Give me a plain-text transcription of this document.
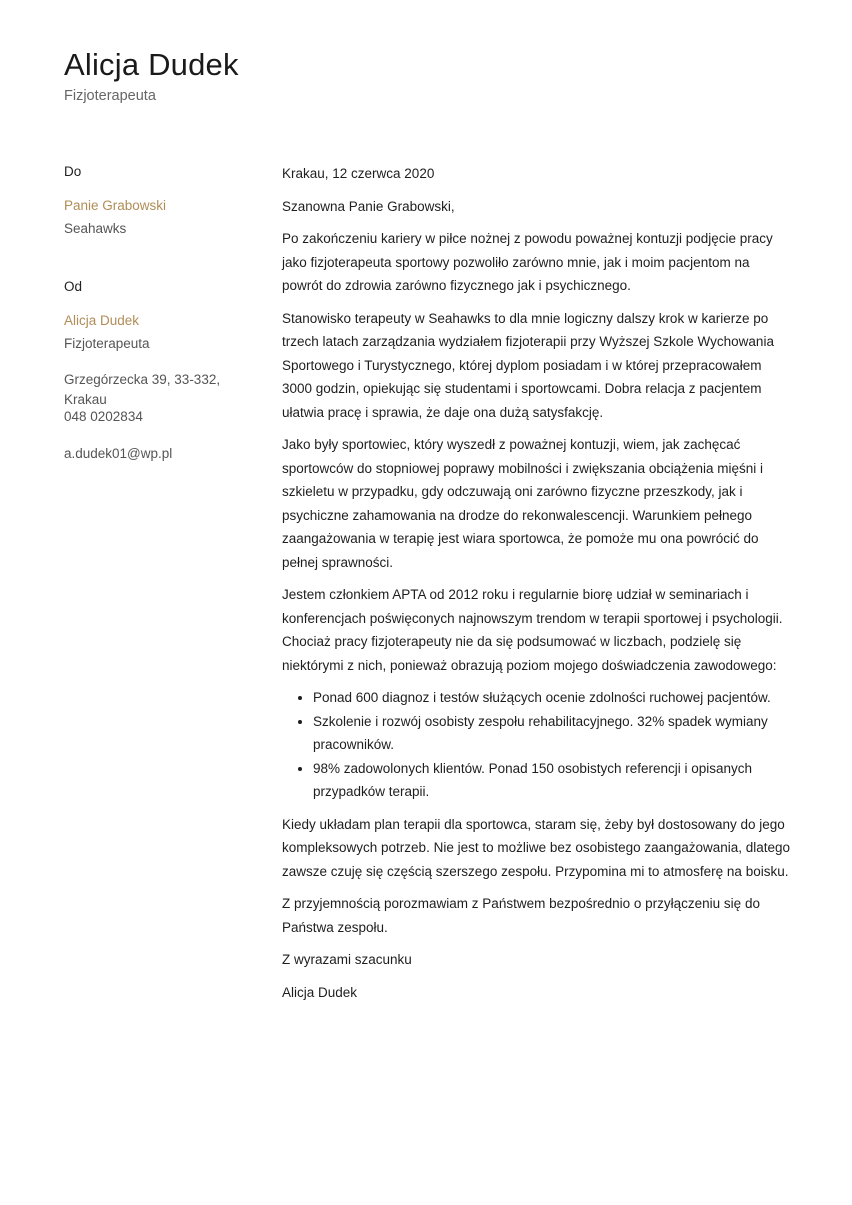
Alicja Dudek
Fizjoterapeuta
Do
Panie Grabowski
Seahawks
Od
Alicja Dudek
Fizjoterapeuta
Grzegórzecka 39, 33-332, Krakau
048 0202834
a.dudek01@wp.pl

Krakau, 12 czerwca 2020

Szanowna Panie Grabowski,

Po zakończeniu kariery w piłce nożnej z powodu poważnej kontuzji podjęcie pracy jako fizjoterapeuta sportowy pozwoliło zarówno mnie, jak i moim pacjentom na powrót do zdrowia zarówno fizycznego jak i psychicznego.

Stanowisko terapeuty w Seahawks to dla mnie logiczny dalszy krok w karierze po trzech latach zarządzania wydziałem fizjoterapii przy Wyższej Szkole Wychowania Sportowego i Turystycznego, której dyplom posiadam i w której przepracowałem 3000 godzin, opiekując się studentami i sportowcami. Dobra relacja z pacjentem ułatwia pracę i sprawia, że daje ona dużą satysfakcję.

Jako były sportowiec, który wyszedł z poważnej kontuzji, wiem, jak zachęcać sportowców do stopniowej poprawy mobilności i zwiększania obciążenia mięśni i szkieletu w przypadku, gdy odczuwają oni zarówno fizyczne przeszkody, jak i psychiczne zahamowania na drodze do rekonwalescencji. Warunkiem pełnego zaangażowania w terapię jest wiara sportowca, że pomoże mu ona powrócić do pełnej sprawności.

Jestem członkiem APTA od 2012 roku i regularnie biorę udział w seminariach i konferencjach poświęconych najnowszym trendom w terapii sportowej i psychologii. Chociaż pracy fizjoterapeuty nie da się podsumować w liczbach, podzielę się niektórymi z nich, ponieważ obrazują poziom mojego doświadczenia zawodowego:

• Ponad 600 diagnoz i testów służących ocenie zdolności ruchowej pacjentów.
• Szkolenie i rozwój osobisty zespołu rehabilitacyjnego. 32% spadek wymiany pracowników.
• 98% zadowolonych klientów. Ponad 150 osobistych referencji i opisanych przypadków terapii.

Kiedy układam plan terapii dla sportowca, staram się, żeby był dostosowany do jego kompleksowych potrzeb. Nie jest to możliwe bez osobistego zaangażowania, dlatego zawsze czuję się częścią szerszego zespołu. Przypomina mi to atmosferę na boisku.

Z przyjemnością porozmawiam z Państwem bezpośrednio o przyłączeniu się do Państwa zespołu.

Z wyrazami szacunku

Alicja Dudek
